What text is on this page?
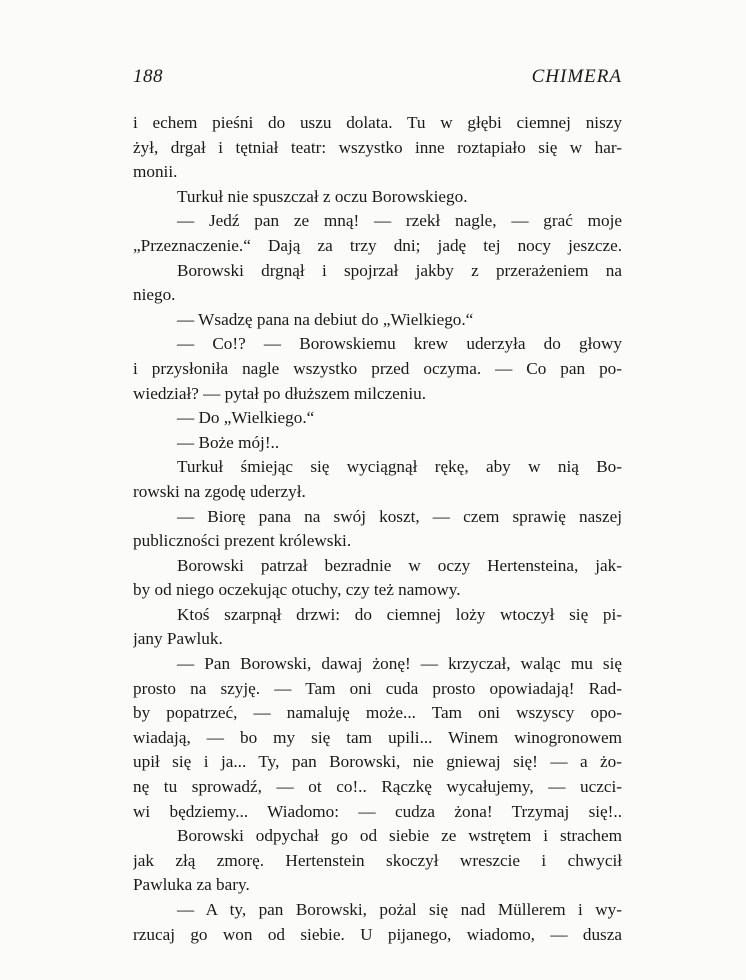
188	CHIMERA
i echem pieśni do uszu dolata. Tu w głębi ciemnej niszy
żył, drgał i tętniał teatr: wszystko inne roztapiało się w har-
monii.
Turkuł nie spuszczał z oczu Borowskiego.
— Jedź pan ze mną! — rzekł nagle, — grać moje
„Przeznaczenie.“ Dają za trzy dni; jadę tej nocy jeszcze.
Borowski drgnął i spojrzał jakby z przerażeniem na
niego.
— Wsadzę pana na debiut do „Wielkiego.“
— Co!? — Borowskiemu krew uderzyła do głowy
i przysłoniła nagle wszystko przed oczyma. — Co pan po-
wiedział? — pytał po dłuższem milczeniu.
— Do „Wielkiego.“
— Boże mój!..
Turkuł śmiejąc się wyciągnął rękę, aby w nią Bo-
rowski na zgodę uderzył.
— Biorę pana na swój koszt, — czem sprawię naszej
publiczności prezent królewski.
Borowski patrzał bezradnie w oczy Hertensteina, jak-
by od niego oczekując otuchy, czy też namowy.
Ktoś szarpnął drzwi: do ciemnej loży wtoczył się pi-
jany Pawluk.
— Pan Borowski, dawaj żonę! — krzyczał, waląc mu się
prosto na szyję. — Tam oni cuda prosto opowiadają! Rad-
by popatrzeć, — namaluję może... Tam oni wszyscy opo-
wiadają, — bo my się tam upili... Winem winogronowem
upił się i ja... Ty, pan Borowski, nie gniewaj się! — a żo-
nę tu sprowadź, — ot co!.. Rączkę wycałujemy, — uczci-
wi będziemy... Wiadomo: — cudza żona! Trzymaj się!..
Borowski odpychał go od siebie ze wstrętem i strachem
jak złą zmorę. Hertenstein skoczył wreszcie i chwycił
Pawluka za bary.
— A ty, pan Borowski, pożal się nad Müllerem i wy-
rzucaj go won od siebie. U pijanego, wiadomo, — dusza
